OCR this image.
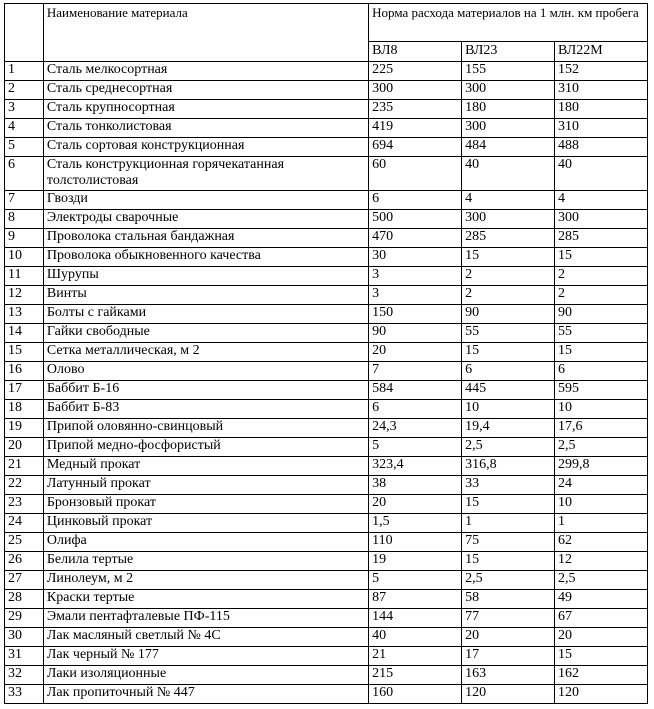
	Наименование материала	Норма расхода материалов на 1 млн. км пробега		
		ВЛ8	ВЛ23	ВЛ22М
1	Сталь мелкосортная	225	155	152
2	Сталь среднесортная	300	300	310
3	Сталь крупносортная	235	180	180
4	Сталь тонколистовая	419	300	310
5	Сталь сортовая конструкционная	694	484	488
6	Сталь конструкционная горячекатанная толстолистовая	60	40	40
7	Гвозди	6	4	4
8	Электроды сварочные	500	300	300
9	Проволока стальная бандажная	470	285	285
10	Проволока обыкновенного качества	30	15	15
11	Шурупы	3	2	2
12	Винты	3	2	2
13	Болты с гайками	150	90	90
14	Гайки свободные	90	55	55
15	Сетка металлическая, м 2	20	15	15
16	Олово	7	6	6
17	Баббит Б-16	584	445	595
18	Баббит Б-83	6	10	10
19	Припой оловянно-свинцовый	24,3	19,4	17,6
20	Припой медно-фосфористый	5	2,5	2,5
21	Медный прокат	323,4	316,8	299,8
22	Латунный прокат	38	33	24
23	Бронзовый прокат	20	15	10
24	Цинковый прокат	1,5	1	1
25	Олифа	110	75	62
26	Белила тертые	19	15	12
27	Линолеум, м 2	5	2,5	2,5
28	Краски тертые	87	58	49
29	Эмали пентафталевые ПФ-115	144	77	67
30	Лак масляный светлый № 4С	40	20	20
31	Лак черный № 177	21	17	15
32	Лаки изоляционные	215	163	162
33	Лак пропиточный № 447	160	120	120
